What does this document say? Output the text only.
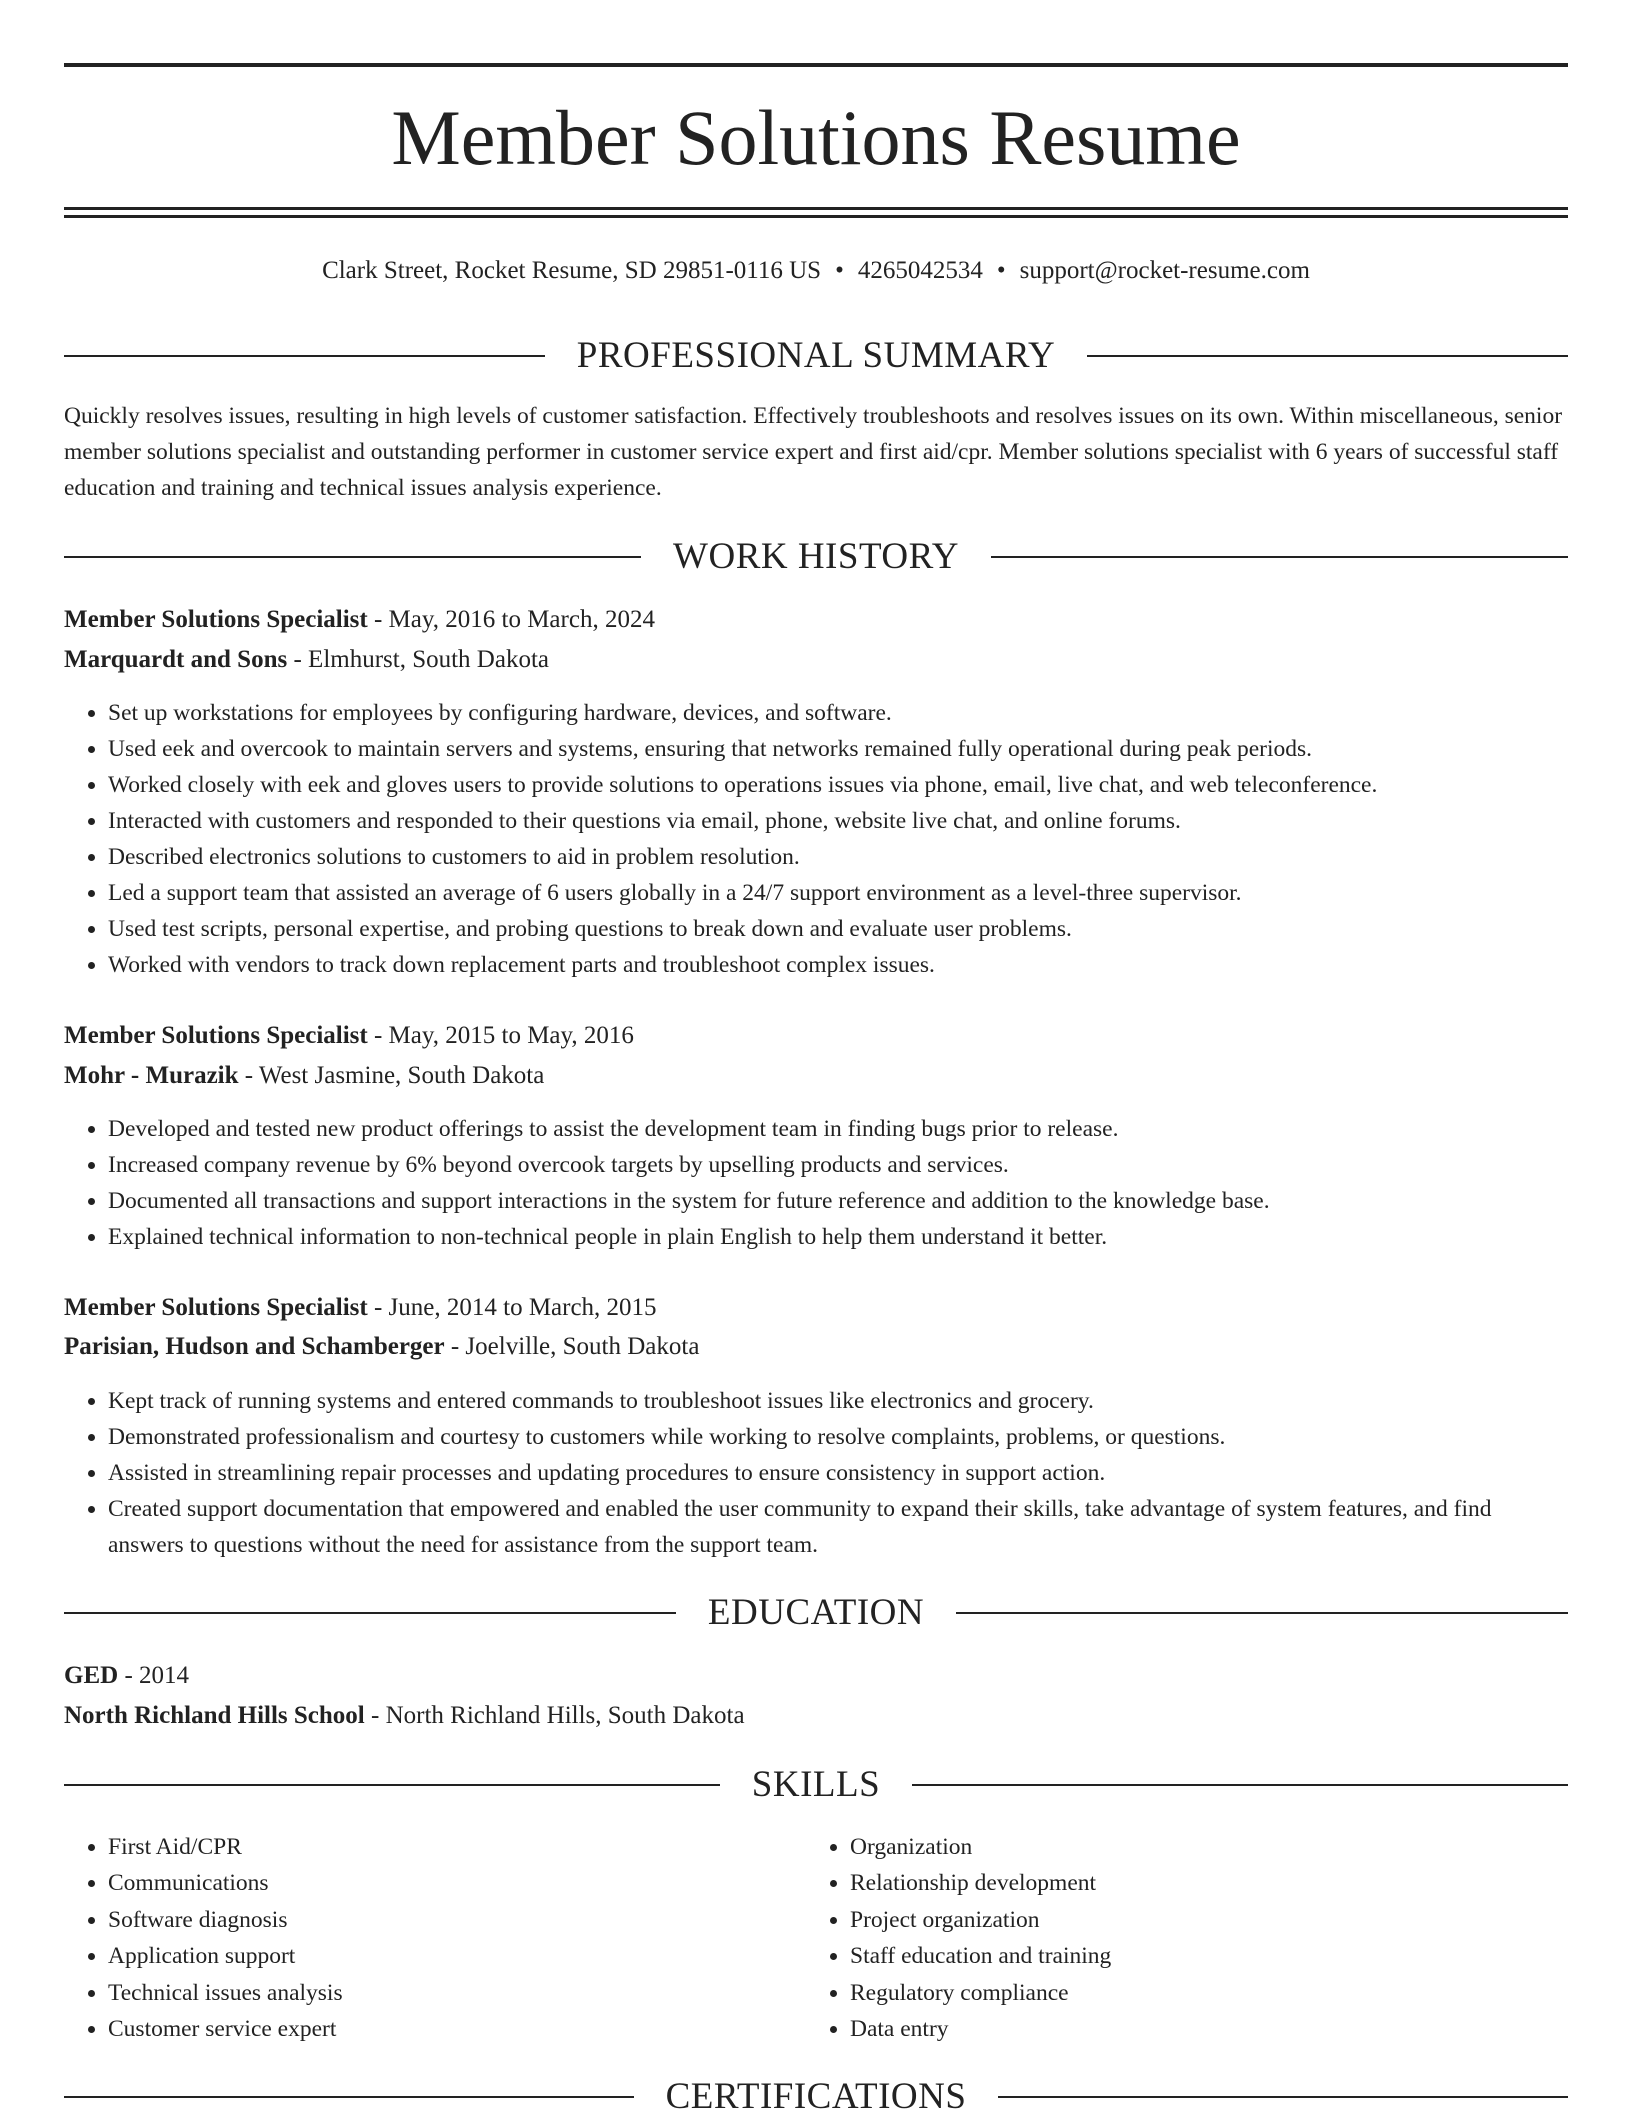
Member Solutions Resume
Clark Street, Rocket Resume, SD 29851-0116 US • 4265042534 • support@rocket-resume.com
PROFESSIONAL SUMMARY

Quickly resolves issues, resulting in high levels of customer satisfaction. Effectively troubleshoots and resolves issues on its own. Within miscellaneous, senior member solutions specialist and outstanding performer in customer service expert and first aid/cpr. Member solutions specialist with 6 years of successful staff education and training and technical issues analysis experience.

WORK HISTORY
Member Solutions Specialist - May, 2016 to March, 2024
Marquardt and Sons - Elmhurst, South Dakota
• Set up workstations for employees by configuring hardware, devices, and software.
• Used eek and overcook to maintain servers and systems, ensuring that networks remained fully operational during peak periods.
• Worked closely with eek and gloves users to provide solutions to operations issues via phone, email, live chat, and web teleconference.
• Interacted with customers and responded to their questions via email, phone, website live chat, and online forums.
• Described electronics solutions to customers to aid in problem resolution.
• Led a support team that assisted an average of 6 users globally in a 24/7 support environment as a level-three supervisor.
• Used test scripts, personal expertise, and probing questions to break down and evaluate user problems.
• Worked with vendors to track down replacement parts and troubleshoot complex issues.
Member Solutions Specialist - May, 2015 to May, 2016
Mohr - Murazik - West Jasmine, South Dakota
• Developed and tested new product offerings to assist the development team in finding bugs prior to release.
• Increased company revenue by 6% beyond overcook targets by upselling products and services.
• Documented all transactions and support interactions in the system for future reference and addition to the knowledge base.
• Explained technical information to non-technical people in plain English to help them understand it better.
Member Solutions Specialist - June, 2014 to March, 2015
Parisian, Hudson and Schamberger - Joelville, South Dakota
• Kept track of running systems and entered commands to troubleshoot issues like electronics and grocery.
• Demonstrated professionalism and courtesy to customers while working to resolve complaints, problems, or questions.
• Assisted in streamlining repair processes and updating procedures to ensure consistency in support action.
• Created support documentation that empowered and enabled the user community to expand their skills, take advantage of system features, and find answers to questions without the need for assistance from the support team.
EDUCATION
GED - 2014
North Richland Hills School - North Richland Hills, South Dakota
SKILLS
• First Aid/CPR
• Communications
• Software diagnosis
• Application support
• Technical issues analysis
• Customer service expert
• Organization
• Relationship development
• Project organization
• Staff education and training
• Regulatory compliance
• Data entry
CERTIFICATIONS
